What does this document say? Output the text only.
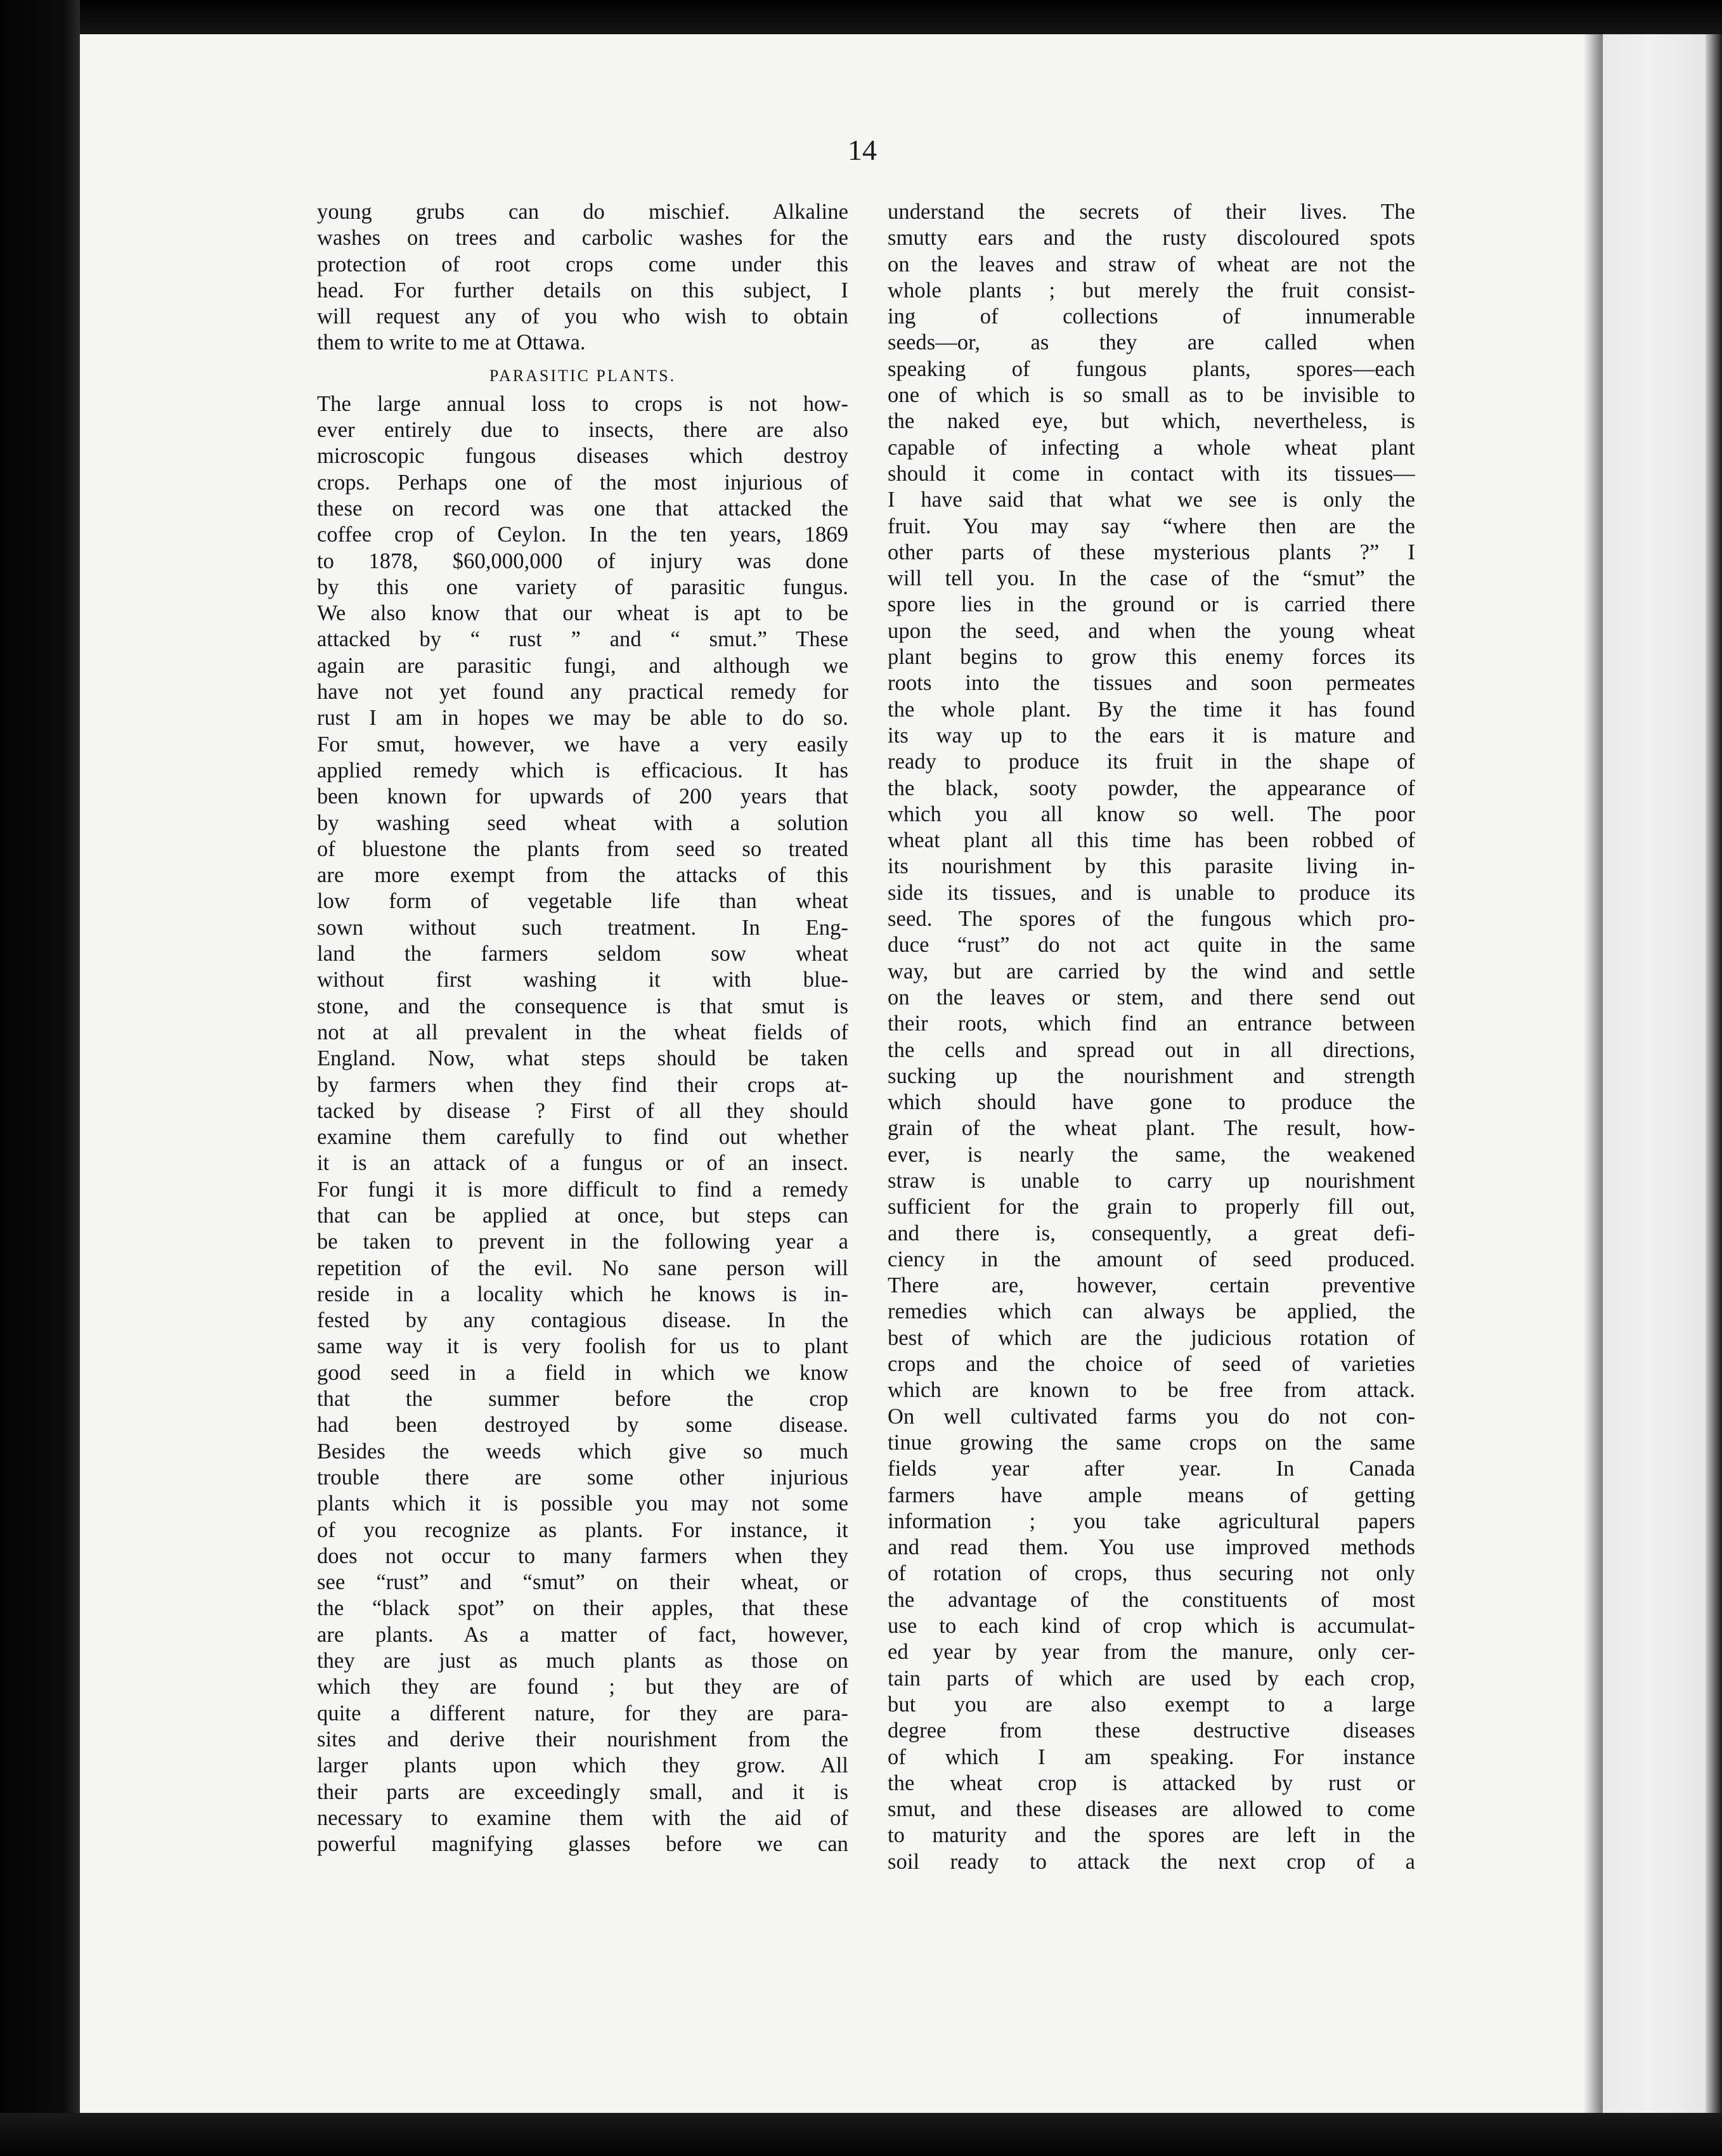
14
young grubs can do mischief. Alkaline
washes on trees and carbolic washes for the
protection of root crops come under this
head. For further details on this subject, I
will request any of you who wish to obtain
them to write to me at Ottawa.
PARASITIC PLANTS.
The large annual loss to crops is not how-
ever entirely due to insects, there are also
microscopic fungous diseases which destroy
crops. Perhaps one of the most injurious of
these on record was one that attacked the
coffee crop of Ceylon. In the ten years, 1869
to 1878, $60,000,000 of injury was done
by this one variety of parasitic fungus.
We also know that our wheat is apt to be
attacked by “ rust ” and “ smut.” These
again are parasitic fungi, and although we
have not yet found any practical remedy for
rust I am in hopes we may be able to do so.
For smut, however, we have a very easily
applied remedy which is efficacious. It has
been known for upwards of 200 years that
by washing seed wheat with a solution
of bluestone the plants from seed so treated
are more exempt from the attacks of this
low form of vegetable life than wheat
sown without such treatment. In Eng-
land the farmers seldom sow wheat
without first washing it with blue-
stone, and the consequence is that smut is
not at all prevalent in the wheat fields of
England. Now, what steps should be taken
by farmers when they find their crops at-
tacked by disease ? First of all they should
examine them carefully to find out whether
it is an attack of a fungus or of an insect.
For fungi it is more difficult to find a remedy
that can be applied at once, but steps can
be taken to prevent in the following year a
repetition of the evil. No sane person will
reside in a locality which he knows is in-
fested by any contagious disease. In the
same way it is very foolish for us to plant
good seed in a field in which we know
that the summer before the crop
had been destroyed by some disease.
Besides the weeds which give so much
trouble there are some other injurious
plants which it is possible you may not some
of you recognize as plants. For instance, it
does not occur to many farmers when they
see “rust” and “smut” on their wheat, or
the “black spot” on their apples, that these
are plants. As a matter of fact, however,
they are just as much plants as those on
which they are found ; but they are of
quite a different nature, for they are para-
sites and derive their nourishment from the
larger plants upon which they grow. All
their parts are exceedingly small, and it is
necessary to examine them with the aid of
powerful magnifying glasses before we can
understand the secrets of their lives. The
smutty ears and the rusty discoloured spots
on the leaves and straw of wheat are not the
whole plants ; but merely the fruit consist-
ing of collections of innumerable
seeds—or, as they are called when
speaking of fungous plants, spores—each
one of which is so small as to be invisible to
the naked eye, but which, nevertheless, is
capable of infecting a whole wheat plant
should it come in contact with its tissues—
I have said that what we see is only the
fruit. You may say “where then are the
other parts of these mysterious plants ?” I
will tell you. In the case of the “smut” the
spore lies in the ground or is carried there
upon the seed, and when the young wheat
plant begins to grow this enemy forces its
roots into the tissues and soon permeates
the whole plant. By the time it has found
its way up to the ears it is mature and
ready to produce its fruit in the shape of
the black, sooty powder, the appearance of
which you all know so well. The poor
wheat plant all this time has been robbed of
its nourishment by this parasite living in-
side its tissues, and is unable to produce its
seed. The spores of the fungous which pro-
duce “rust” do not act quite in the same
way, but are carried by the wind and settle
on the leaves or stem, and there send out
their roots, which find an entrance between
the cells and spread out in all directions,
sucking up the nourishment and strength
which should have gone to produce the
grain of the wheat plant. The result, how-
ever, is nearly the same, the weakened
straw is unable to carry up nourishment
sufficient for the grain to properly fill out,
and there is, consequently, a great defi-
ciency in the amount of seed produced.
There are, however, certain preventive
remedies which can always be applied, the
best of which are the judicious rotation of
crops and the choice of seed of varieties
which are known to be free from attack.
On well cultivated farms you do not con-
tinue growing the same crops on the same
fields year after year. In Canada
farmers have ample means of getting
information ; you take agricultural papers
and read them. You use improved methods
of rotation of crops, thus securing not only
the advantage of the constituents of most
use to each kind of crop which is accumulat-
ed year by year from the manure, only cer-
tain parts of which are used by each crop,
but you are also exempt to a large
degree from these destructive diseases
of which I am speaking. For instance
the wheat crop is attacked by rust or
smut, and these diseases are allowed to come
to maturity and the spores are left in the
soil ready to attack the next crop of a
